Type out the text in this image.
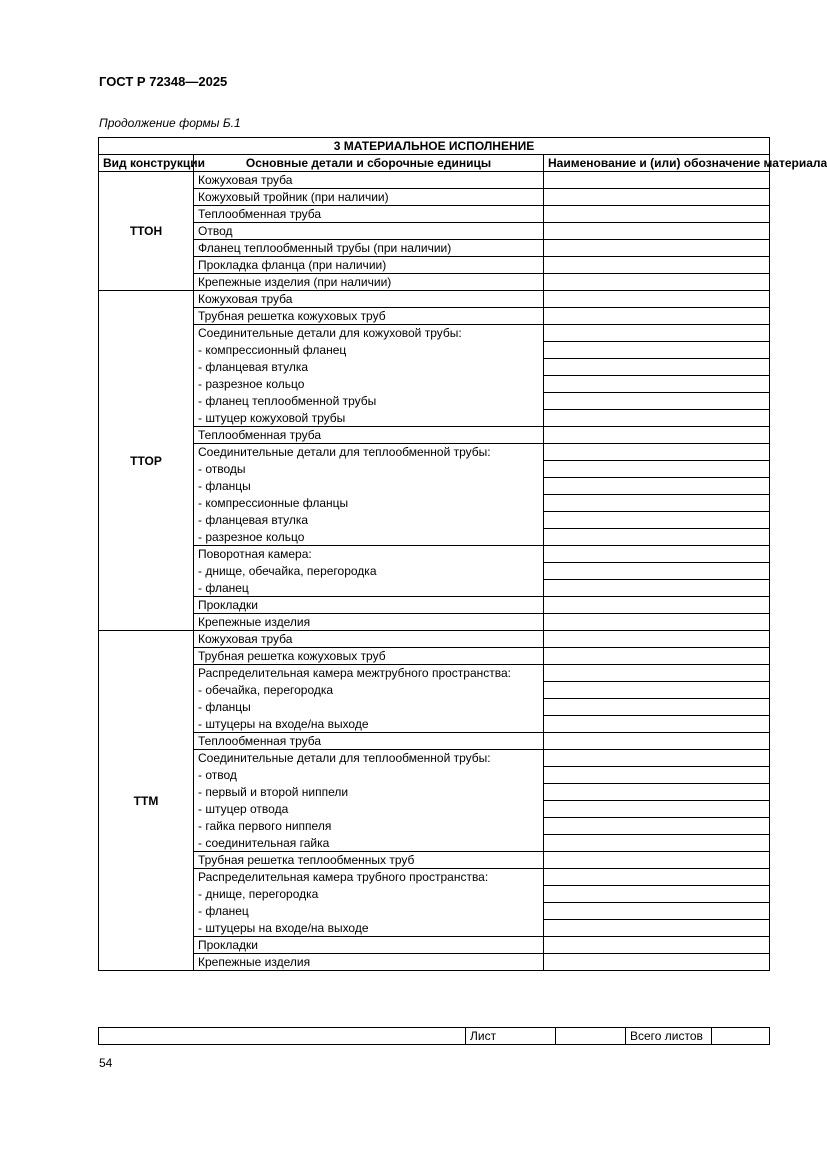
ГОСТ Р 72348—2025
Продолжение формы Б.1
3 МАТЕРИАЛЬНОЕ ИСПОЛНЕНИЕ		
Вид конструкции	Основные детали и сборочные единицы	Наименование и (или) обозначение материала
ТТОН	Кожуховая труба	
	Кожуховый тройник (при наличии)	
	Теплообменная труба	
	Отвод	
	Фланец теплообменный трубы (при наличии)	
	Прокладка фланца (при наличии)	
	Крепежные изделия (при наличии)	
ТТОР	Кожуховая труба	
	Трубная решетка кожуховых труб	
	Соединительные детали для кожуховой трубы:	
	- компрессионный фланец	
	- фланцевая втулка	
	- разрезное кольцо	
	- фланец теплообменной трубы	
	- штуцер кожуховой трубы	
	Теплообменная труба	
	Соединительные детали для теплообменной трубы:	
	- отводы	
	- фланцы	
	- компрессионные фланцы	
	- фланцевая втулка	
	- разрезное кольцо	
	Поворотная камера:	
	- днище, обечайка, перегородка	
	- фланец	
	Прокладки	
	Крепежные изделия	
ТТМ	Кожуховая труба	
	Трубная решетка кожуховых труб	
	Распределительная камера межтрубного пространства:	
	- обечайка, перегородка	
	- фланцы	
	- штуцеры на входе/на выходе	
	Теплообменная труба	
	Соединительные детали для теплообменной трубы:	
	- отвод	
	- первый и второй ниппели	
	- штуцер отвода	
	- гайка первого ниппеля	
	- соединительная гайка	
	Трубная решетка теплообменных труб	
	Распределительная камера трубного пространства:	
	- днище, перегородка	
	- фланец	
	- штуцеры на входе/на выходе	
	Прокладки	
	Крепежные изделия	
	Лист		Всего листов	
54
